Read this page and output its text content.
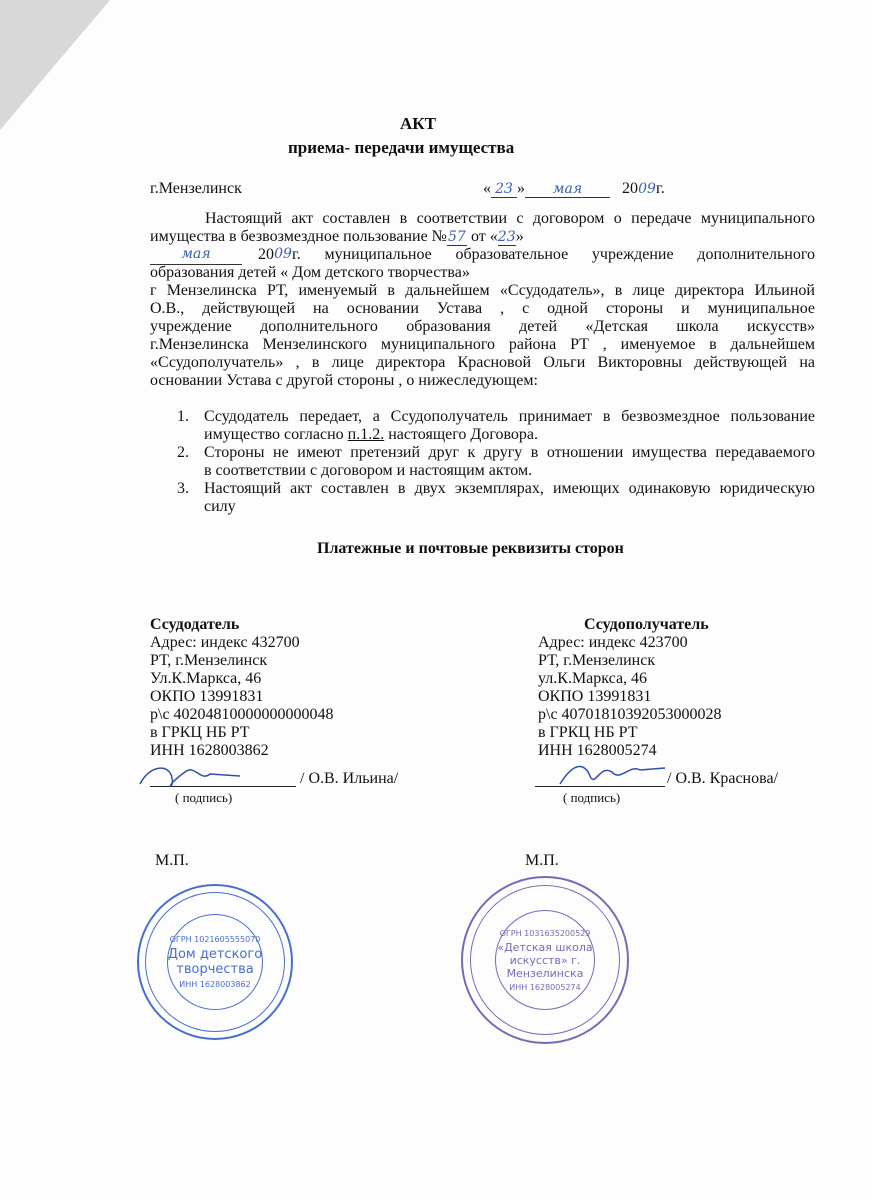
АКТ
приема- передачи имущества
г.Мензелинск	« 23 » мая 2009г.
Настоящий акт составлен в соответствии с договором о передаче муниципального
имущества в безвозмездное пользование №57 от «23»
мая
	20 09 г. муниципальное образовательное учреждение дополнительного
образования детей « Дом детского творчества»
г Мензелинска РТ, именуемый в дальнейшем «Ссудодатель», в лице директора Ильиной
О.В., действующей на основании Устава , с одной стороны и муниципальное
учреждение дополнительного образования детей «Детская школа искусств»
г.Мензелинска Мензелинского муниципального района РТ , именуемое в дальнейшем
«Ссудополучатель» , в лице директора Красновой Ольги Викторовны действующей на
основании Устава с другой стороны , о нижеследующем:
1. Ссудодатель передает, а Ссудополучатель принимает в безвозмездное пользование
имущество согласно п.1.2. настоящего Договора.
2. Стороны не имеют претензий друг к другу в отношении имущества передаваемого
в соответствии с договором и настоящим актом.
3. Настоящий акт составлен в двух экземплярах, имеющих одинаковую юридическую
силу
Платежные и почтовые реквизиты сторон
Ссудодатель
Адрес: индекс 432700
РТ, г.Мензелинск
Ул.К.Маркса, 46
ОКПО 13991831
р\с 40204810000000000048
в ГРКЦ НБ РТ
ИНН 1628003862
Ссудополучатель
Адрес: индекс 423700
РТ, г.Мензелинск
ул.К.Маркса, 46
ОКПО 13991831
р\с 40701810392053000028
в ГРКЦ НБ РТ
ИНН 1628005274
/ О.В. Ильина/
( подпись)
/ О.В. Краснова/
( подпись)
М.П.	М.П.
ОГРН 1021605555070
Дом детского творчества
ИНН 1628003862
ОГРН 1031635200529
«Детская школа искусств» г. Мензелинска
ИНН 1628005274
